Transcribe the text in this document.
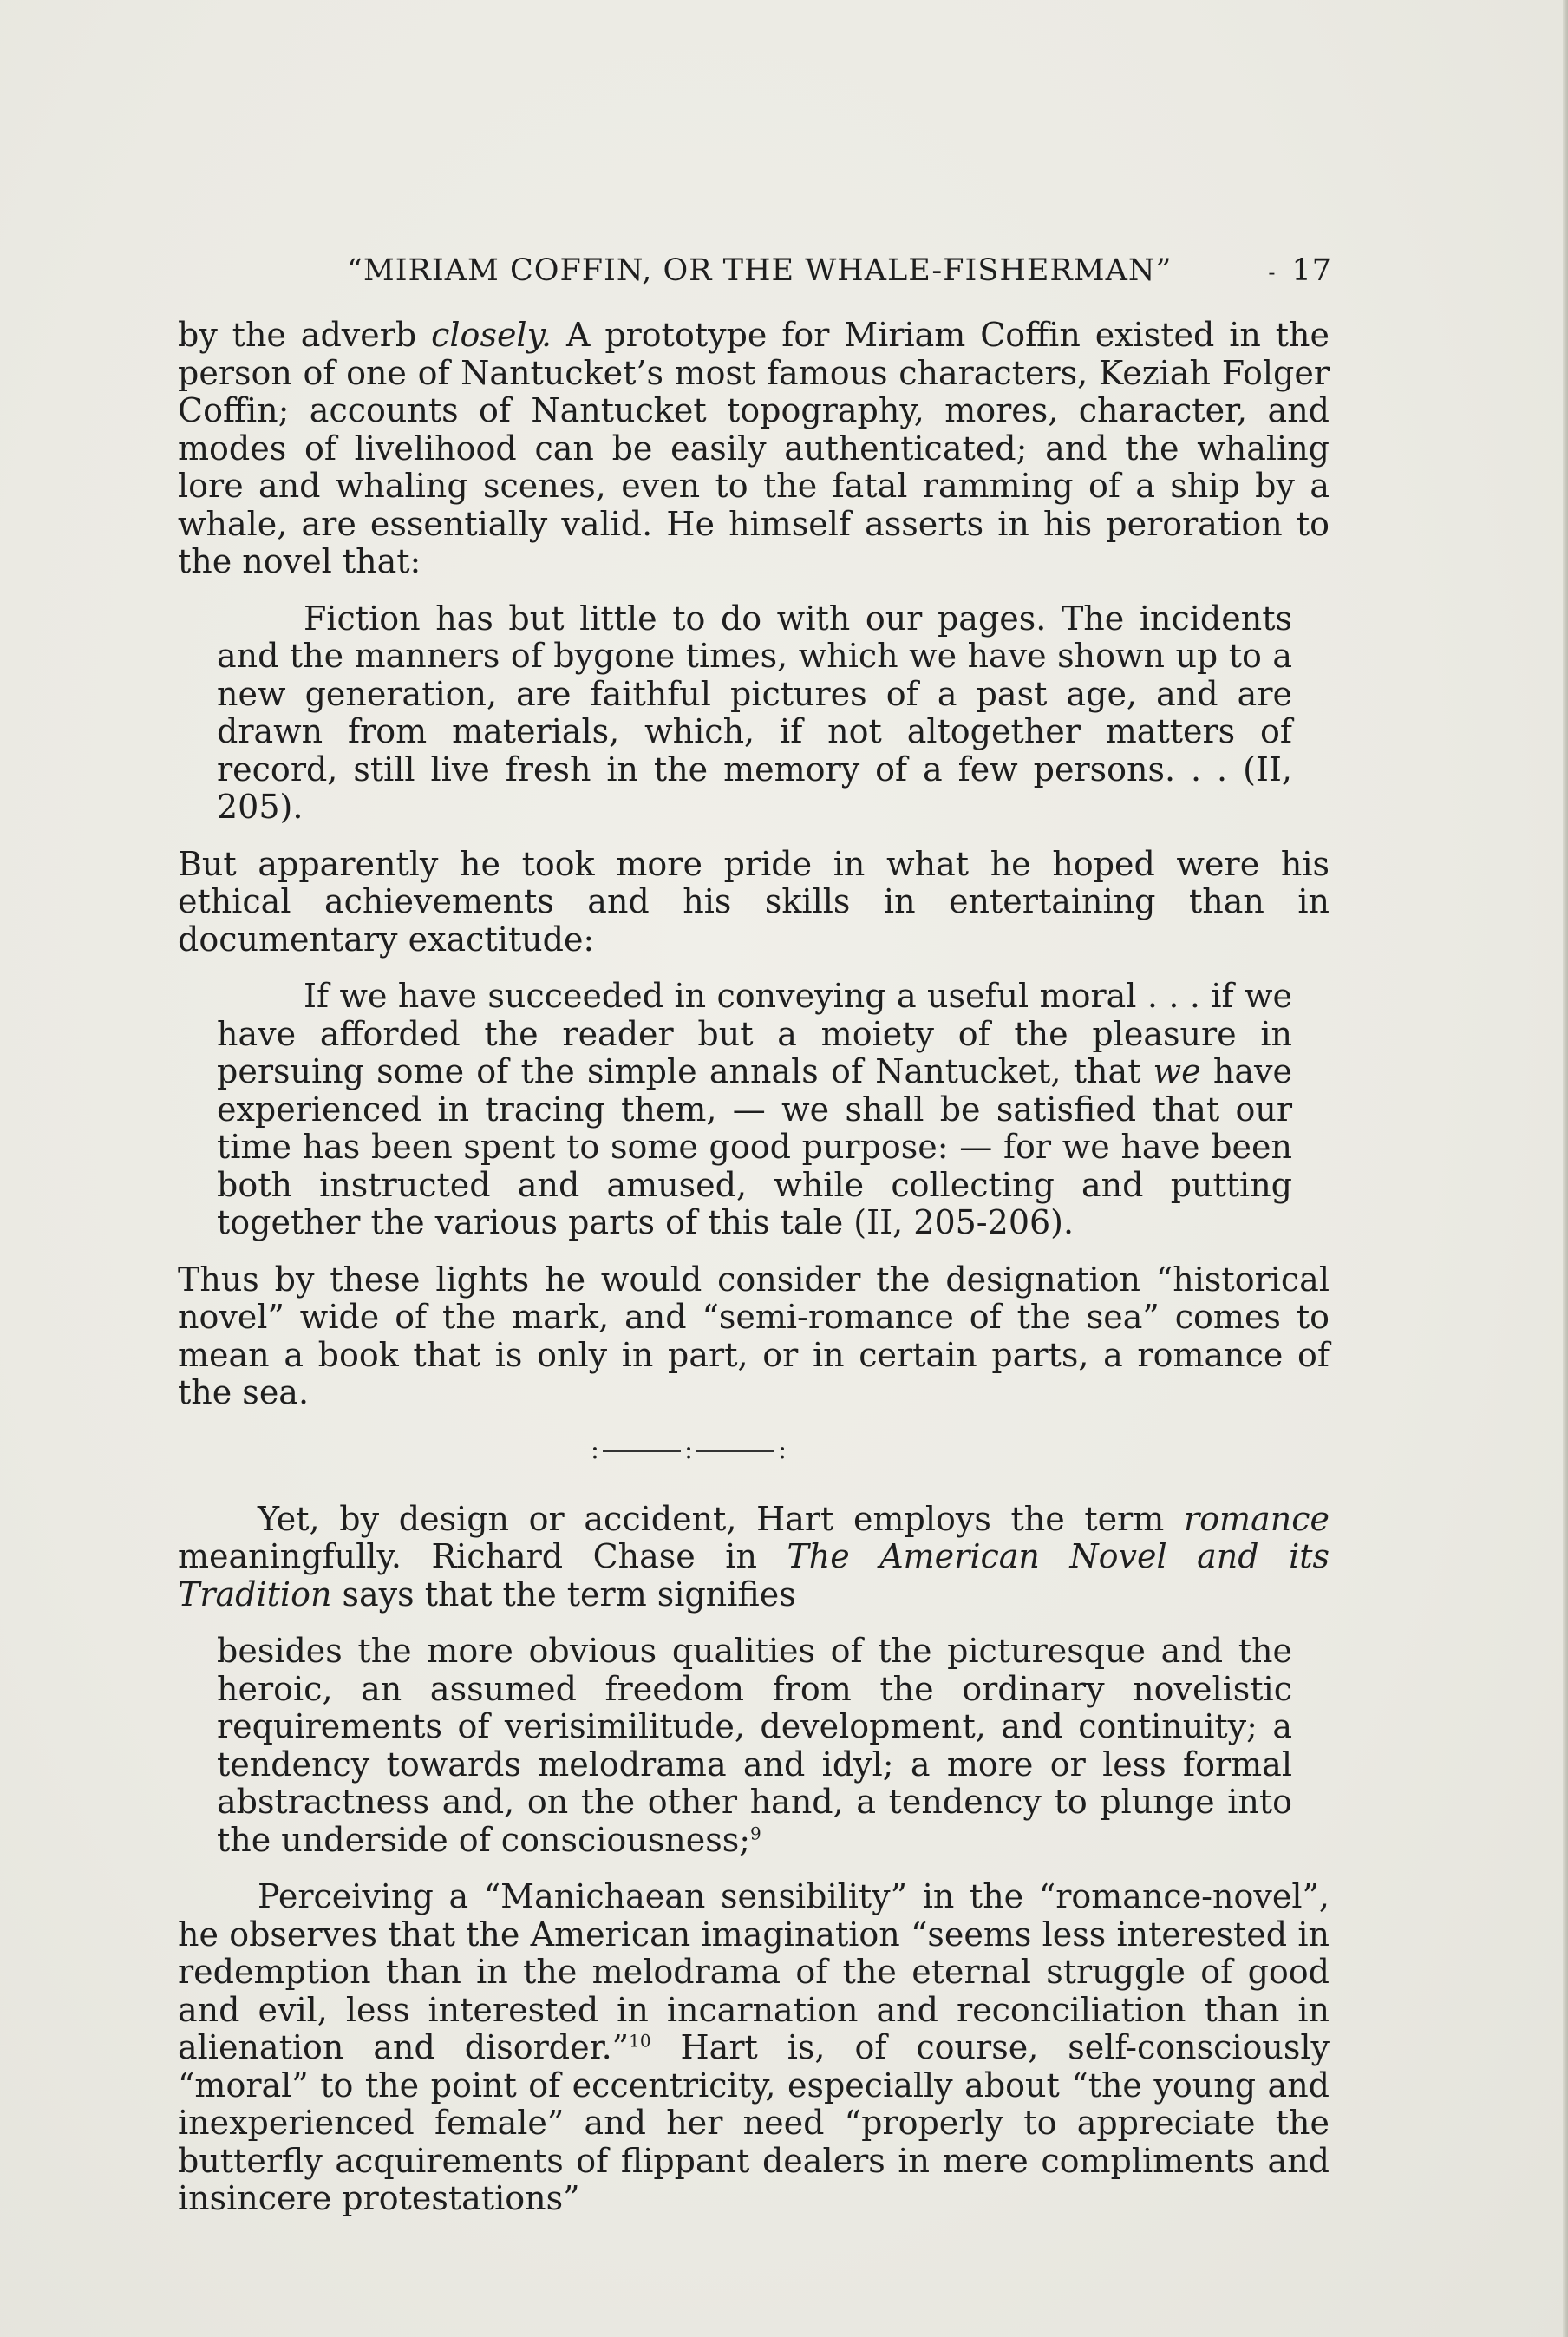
“MIRIAM COFFIN, OR THE WHALE-FISHERMAN”	- 17

by the adverb closely. A prototype for Miriam Coffin existed in the person of one of Nantucket’s most famous characters, Keziah Folger Coffin; accounts of Nantucket topography, mores, character, and modes of livelihood can be easily authenticated; and the whaling lore and whaling scenes, even to the fatal ramming of a ship by a whale, are essentially valid. He himself asserts in his peroration to the novel that:

Fiction has but little to do with our pages. The incidents and the manners of bygone times, which we have shown up to a new generation, are faithful pictures of a past age, and are drawn from materials, which, if not altogether matters of record, still live fresh in the memory of a few persons. . . (II, 205).

But apparently he took more pride in what he hoped were his ethical achievements and his skills in entertaining than in documentary exactitude:

If we have succeeded in conveying a useful moral . . . if we have afforded the reader but a moiety of the pleasure in persuing some of the simple annals of Nantucket, that we have experienced in tracing them, — we shall be satisfied that our time has been spent to some good purpose: — for we have been both instructed and amused, while collecting and putting together the various parts of this tale (II, 205-206).

Thus by these lights he would consider the designation “historical novel” wide of the mark, and “semi-romance of the sea” comes to mean a book that is only in part, or in certain parts, a romance of the sea.

:	:	:

Yet, by design or accident, Hart employs the term romance meaningfully. Richard Chase in The American Novel and its Tradition says that the term signifies

besides the more obvious qualities of the picturesque and the heroic, an assumed freedom from the ordinary novelistic requirements of verisimilitude, development, and continuity; a tendency towards melodrama and idyl; a more or less formal abstractness and, on the other hand, a tendency to plunge into the underside of consciousness;$^9$

Perceiving a “Manichaean sensibility” in the “romance-novel”, he observes that the American imagination “seems less interested in redemption than in the melodrama of the eternal struggle of good and evil, less interested in incarnation and reconciliation than in alienation and disorder.”$^{10}$ Hart is, of course, self-consciously “moral” to the point of eccentricity, especially about “the young and inexperienced female” and her need “properly to appreciate the butterfly acquirements of flippant dealers in mere compliments and insincere protestations”
